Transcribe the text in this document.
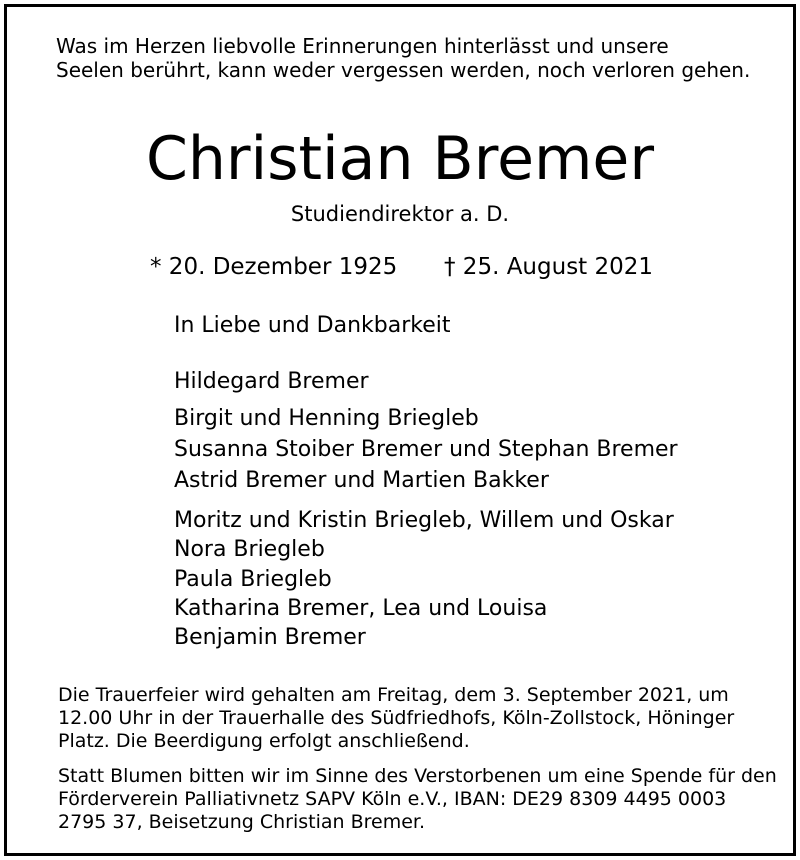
Was im Herzen liebvolle Erinnerungen hinterlässt und unsere
Seelen berührt, kann weder vergessen werden, noch verloren gehen.
Christian Bremer
Studiendirektor a. D.
* 20. Dezember 1925 † 25. August 2021
In Liebe und Dankbarkeit
Hildegard Bremer
Birgit und Henning Briegleb
Susanna Stoiber Bremer und Stephan Bremer
Astrid Bremer und Martien Bakker
Moritz und Kristin Briegleb, Willem und Oskar
Nora Briegleb
Paula Briegleb
Katharina Bremer, Lea und Louisa
Benjamin Bremer
Die Trauerfeier wird gehalten am Freitag, dem 3. September 2021, um
12.00 Uhr in der Trauerhalle des Südfriedhofs, Köln-Zollstock, Höninger
Platz. Die Beerdigung erfolgt anschließend.
Statt Blumen bitten wir im Sinne des Verstorbenen um eine Spende für den
Förderverein Palliativnetz SAPV Köln e.V., IBAN: DE29 8309 4495 0003
2795 37, Beisetzung Christian Bremer.
